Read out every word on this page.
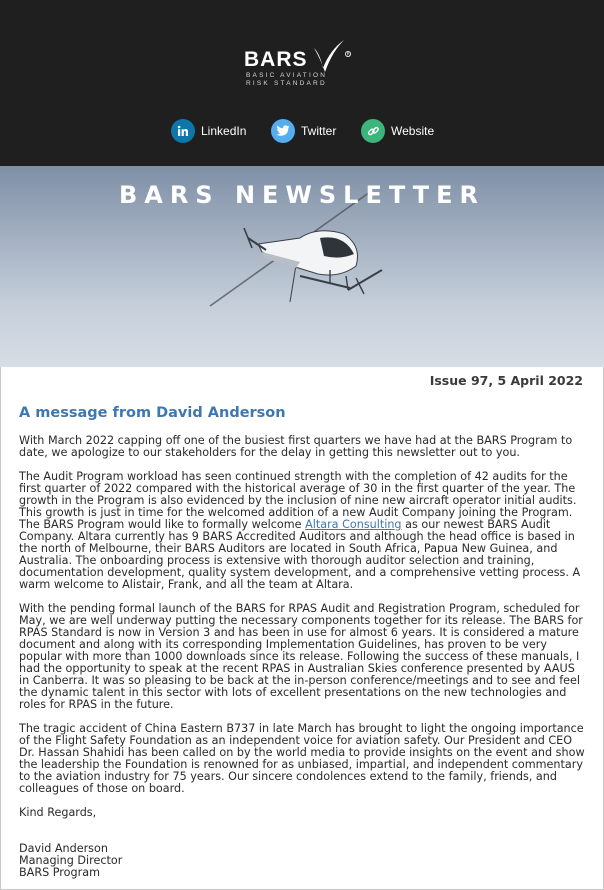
BARS	R
BASIC AVIATION
RISK STANDARD
LinkedIn	Twitter	Website
BARS NEWSLETTER
Issue 97, 5 April 2022
A message from David Anderson

With March 2022 capping off one of the busiest first quarters we have had at the BARS Program to date, we apologize to our stakeholders for the delay in getting this newsletter out to you.

The Audit Program workload has seen continued strength with the completion of 42 audits for the first quarter of 2022 compared with the historical average of 30 in the first quarter of the year. The growth in the Program is also evidenced by the inclusion of nine new aircraft operator initial audits. This growth is just in time for the welcomed addition of a new Audit Company joining the Program. The BARS Program would like to formally welcome Altara Consulting as our newest BARS Audit Company. Altara currently has 9 BARS Accredited Auditors and although the head office is based in the north of Melbourne, their BARS Auditors are located in South Africa, Papua New Guinea, and Australia. The onboarding process is extensive with thorough auditor selection and training, documentation development, quality system development, and a comprehensive vetting process. A warm welcome to Alistair, Frank, and all the team at Altara.

With the pending formal launch of the BARS for RPAS Audit and Registration Program, scheduled for May, we are well underway putting the necessary components together for its release. The BARS for RPAS Standard is now in Version 3 and has been in use for almost 6 years. It is considered a mature document and along with its corresponding Implementation Guidelines, has proven to be very popular with more than 1000 downloads since its release. Following the success of these manuals, I had the opportunity to speak at the recent RPAS in Australian Skies conference presented by AAUS in Canberra. It was so pleasing to be back at the in-person conference/meetings and to see and feel the dynamic talent in this sector with lots of excellent presentations on the new technologies and roles for RPAS in the future.

The tragic accident of China Eastern B737 in late March has brought to light the ongoing importance of the Flight Safety Foundation as an independent voice for aviation safety. Our President and CEO Dr. Hassan Shahidi has been called on by the world media to provide insights on the event and show the leadership the Foundation is renowned for as unbiased, impartial, and independent commentary to the aviation industry for 75 years. Our sincere condolences extend to the family, friends, and colleagues of those on board.

Kind Regards,

David Anderson
Managing Director
BARS Program
